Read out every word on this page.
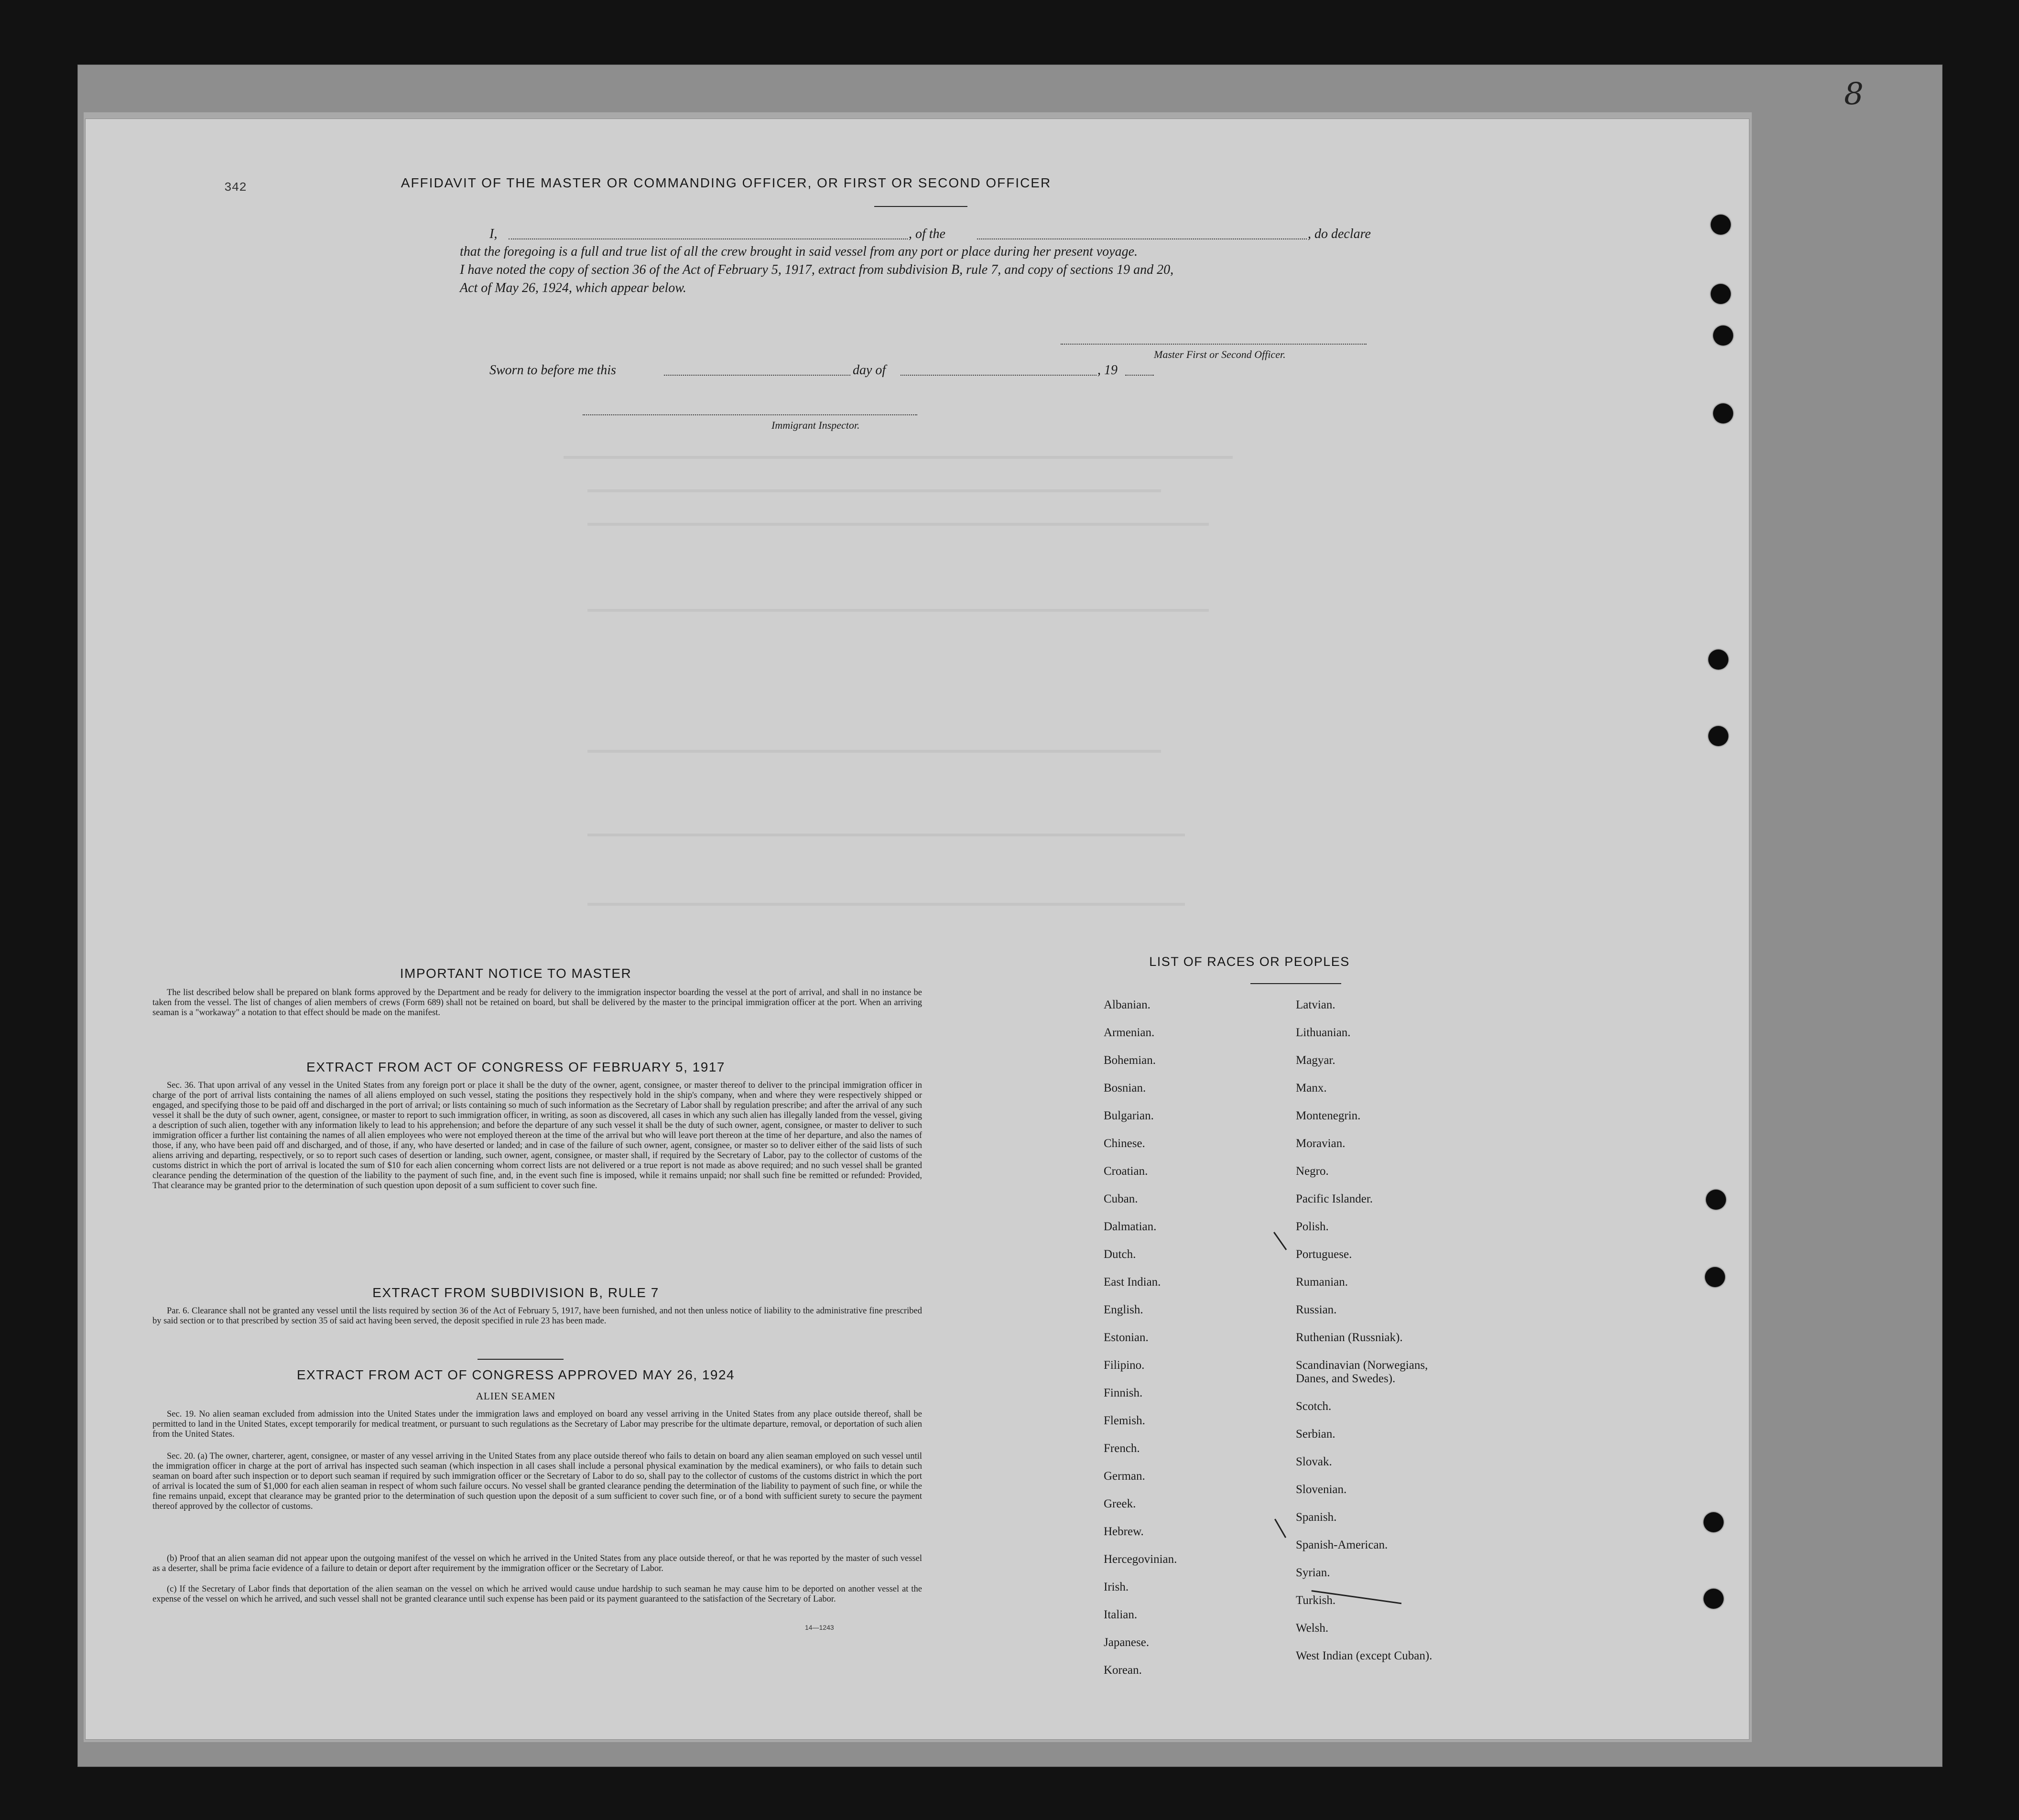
8
342	AFFIDAVIT OF THE MASTER OR COMMANDING OFFICER, OR FIRST OR SECOND OFFICER
I,	, of the	, do declare
that the foregoing is a full and true list of all the crew brought in said vessel from any port or place during her present voyage.
I have noted the copy of section 36 of the Act of February 5, 1917, extract from subdivision B, rule 7, and copy of sections 19 and 20,
Act of May 26, 1924, which appear below.
Master First or Second Officer.
Sworn to before me this	day of	, 19
Immigrant Inspector.
IMPORTANT NOTICE TO MASTER
The list described below shall be prepared on blank forms approved by the Department and be ready for delivery to the immigration inspector boarding the vessel at the port of arrival, and shall in no instance be taken from the vessel. The list of changes of alien members of crews (Form 689) shall not be retained on board, but shall be delivered by the master to the principal immigration officer at the port. When an arriving seaman is a "workaway" a notation to that effect should be made on the manifest.
EXTRACT FROM ACT OF CONGRESS OF FEBRUARY 5, 1917
Sec. 36. That upon arrival of any vessel in the United States from any foreign port or place it shall be the duty of the owner, agent, consignee, or master thereof to deliver to the principal immigration officer in charge of the port of arrival lists containing the names of all aliens employed on such vessel, stating the positions they respectively hold in the ship's company, when and where they were respectively shipped or engaged, and specifying those to be paid off and discharged in the port of arrival; or lists containing so much of such information as the Secretary of Labor shall by regulation prescribe; and after the arrival of any such vessel it shall be the duty of such owner, agent, consignee, or master to report to such immigration officer, in writing, as soon as discovered, all cases in which any such alien has illegally landed from the vessel, giving a description of such alien, together with any information likely to lead to his apprehension; and before the departure of any such vessel it shall be the duty of such owner, agent, consignee, or master to deliver to such immigration officer a further list containing the names of all alien employees who were not employed thereon at the time of the arrival but who will leave port thereon at the time of her departure, and also the names of those, if any, who have been paid off and discharged, and of those, if any, who have deserted or landed; and in case of the failure of such owner, agent, consignee, or master so to deliver either of the said lists of such aliens arriving and departing, respectively, or so to report such cases of desertion or landing, such owner, agent, consignee, or master shall, if required by the Secretary of Labor, pay to the collector of customs of the customs district in which the port of arrival is located the sum of $10 for each alien concerning whom correct lists are not delivered or a true report is not made as above required; and no such vessel shall be granted clearance pending the determination of the question of the liability to the payment of such fine, and, in the event such fine is imposed, while it remains unpaid; nor shall such fine be remitted or refunded: Provided, That clearance may be granted prior to the determination of such question upon deposit of a sum sufficient to cover such fine.
EXTRACT FROM SUBDIVISION B, RULE 7
Par. 6. Clearance shall not be granted any vessel until the lists required by section 36 of the Act of February 5, 1917, have been furnished, and not then unless notice of liability to the administrative fine prescribed by said section or to that prescribed by section 35 of said act having been served, the deposit specified in rule 23 has been made.
EXTRACT FROM ACT OF CONGRESS APPROVED MAY 26, 1924
ALIEN SEAMEN
Sec. 19. No alien seaman excluded from admission into the United States under the immigration laws and employed on board any vessel arriving in the United States from any place outside thereof, shall be permitted to land in the United States, except temporarily for medical treatment, or pursuant to such regulations as the Secretary of Labor may prescribe for the ultimate departure, removal, or deportation of such alien from the United States.
Sec. 20. (a) The owner, charterer, agent, consignee, or master of any vessel arriving in the United States from any place outside thereof who fails to detain on board any alien seaman employed on such vessel until the immigration officer in charge at the port of arrival has inspected such seaman (which inspection in all cases shall include a personal physical examination by the medical examiners), or who fails to detain such seaman on board after such inspection or to deport such seaman if required by such immigration officer or the Secretary of Labor to do so, shall pay to the collector of customs of the customs district in which the port of arrival is located the sum of $1,000 for each alien seaman in respect of whom such failure occurs. No vessel shall be granted clearance pending the determination of the liability to payment of such fine, or while the fine remains unpaid, except that clearance may be granted prior to the determination of such question upon the deposit of a sum sufficient to cover such fine, or of a bond with sufficient surety to secure the payment thereof approved by the collector of customs.
(b) Proof that an alien seaman did not appear upon the outgoing manifest of the vessel on which he arrived in the United States from any place outside thereof, or that he was reported by the master of such vessel as a deserter, shall be prima facie evidence of a failure to detain or deport after requirement by the immigration officer or the Secretary of Labor.
(c) If the Secretary of Labor finds that deportation of the alien seaman on the vessel on which he arrived would cause undue hardship to such seaman he may cause him to be deported on another vessel at the expense of the vessel on which he arrived, and such vessel shall not be granted clearance until such expense has been paid or its payment guaranteed to the satisfaction of the Secretary of Labor.
14—1243
LIST OF RACES OR PEOPLES
Albanian.
Armenian.
Bohemian.
Bosnian.
Bulgarian.
Chinese.
Croatian.
Cuban.
Dalmatian.
Dutch.
East Indian.
English.
Estonian.
Filipino.
Finnish.
Flemish.
French.
German.
Greek.
Hebrew.
Hercegovinian.
Irish.
Italian.
Japanese.
Korean.
Latvian.
Lithuanian.
Magyar.
Manx.
Montenegrin.
Moravian.
Negro.
Pacific Islander.
Polish.
Portuguese.
Rumanian.
Russian.
Ruthenian (Russniak).
Scandinavian (Norwegians,
Danes, and Swedes).
Scotch.
Serbian.
Slovak.
Slovenian.
Spanish.
Spanish-American.
Syrian.
Turkish.
Welsh.
West Indian (except Cuban).
